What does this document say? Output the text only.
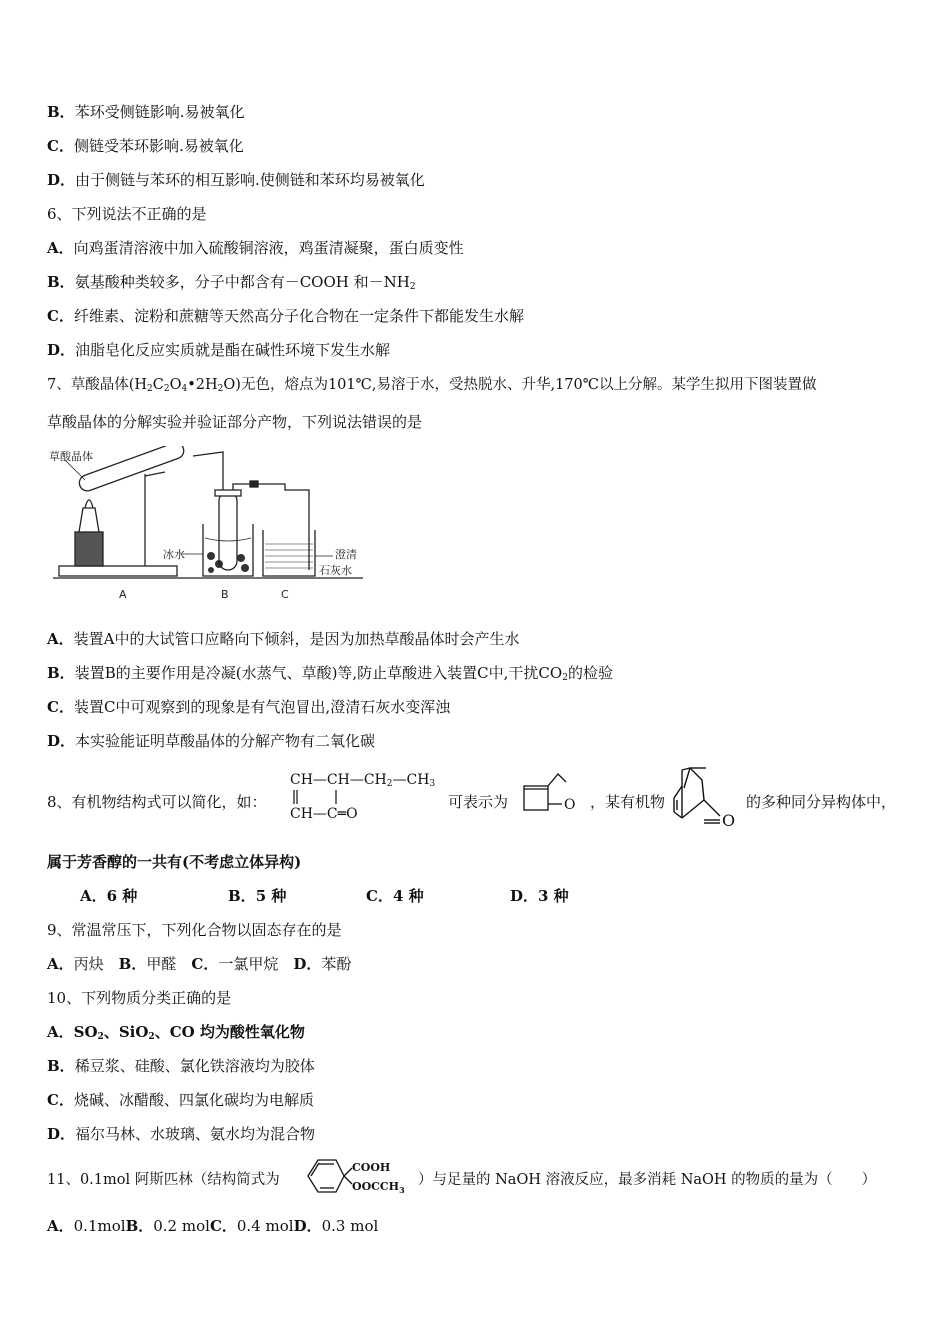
B．苯环受侧链影响.易被氧化
C．侧链受苯环影响.易被氧化
D．由于侧链与苯环的相互影响.使侧链和苯环均易被氧化
6、下列说法不正确的是
A．向鸡蛋清溶液中加入硫酸铜溶液，鸡蛋清凝聚，蛋白质变性
B．氨基酸种类较多，分子中都含有－COOH 和$-NH_2$
C．纤维素、淀粉和蔗糖等天然高分子化合物在一定条件下都能发生水解
D．油脂皂化反应实质就是酯在碱性环境下发生水解
7、草酸晶体$(H_2C_2O_4•2H_2O)$无色，熔点为101℃,易溶于水，受热脱水、升华,170℃以上分解。某学生拟用下图装置做
草酸晶体的分解实验并验证部分产物，下列说法错误的是
草酸晶体
冰水	澄清
石灰水
A	B	C
A．装置A中的大试管口应略向下倾斜，是因为加热草酸晶体时会产生水
B．装置B的主要作用是冷凝(水蒸气、草酸)等,防止草酸进入装置C中,干扰$CO_2$的检验
C．装置C中可观察到的现象是有气泡冒出,澄清石灰水变浑浊
D．本实验能证明草酸晶体的分解产物有二氧化碳
8、有机物结构式可以简化，如：
$CH—CH—CH_2—CH_3$
CH—C═O
可表示为	O ，某有机物
O
的多种同分异构体中，
属于芳香醇的一共有(不考虑立体异构)
A．6 种	B．5 种	C．4 种	D．3 种
9、常温常压下，下列化合物以固态存在的是
A．丙炔　 B．甲醛　 C．一氯甲烷　 D．苯酚
10、下列物质分类正确的是
A．$SO_2$、SiO$_2$、CO 均为酸性氧化物
B．稀豆浆、硅酸、氯化铁溶液均为胶体
C．烧碱、冰醋酸、四氯化碳均为电解质
D．福尔马林、水玻璃、氨水均为混合物
11、0.1mol 阿斯匹林（结构简式为
COOH
$OOCCH_3$
）与足量的 NaOH 溶液反应，最多消耗 NaOH 的物质的量为（　　）
A．0.1molB．0.2 molC．0.4 molD．0.3 mol
